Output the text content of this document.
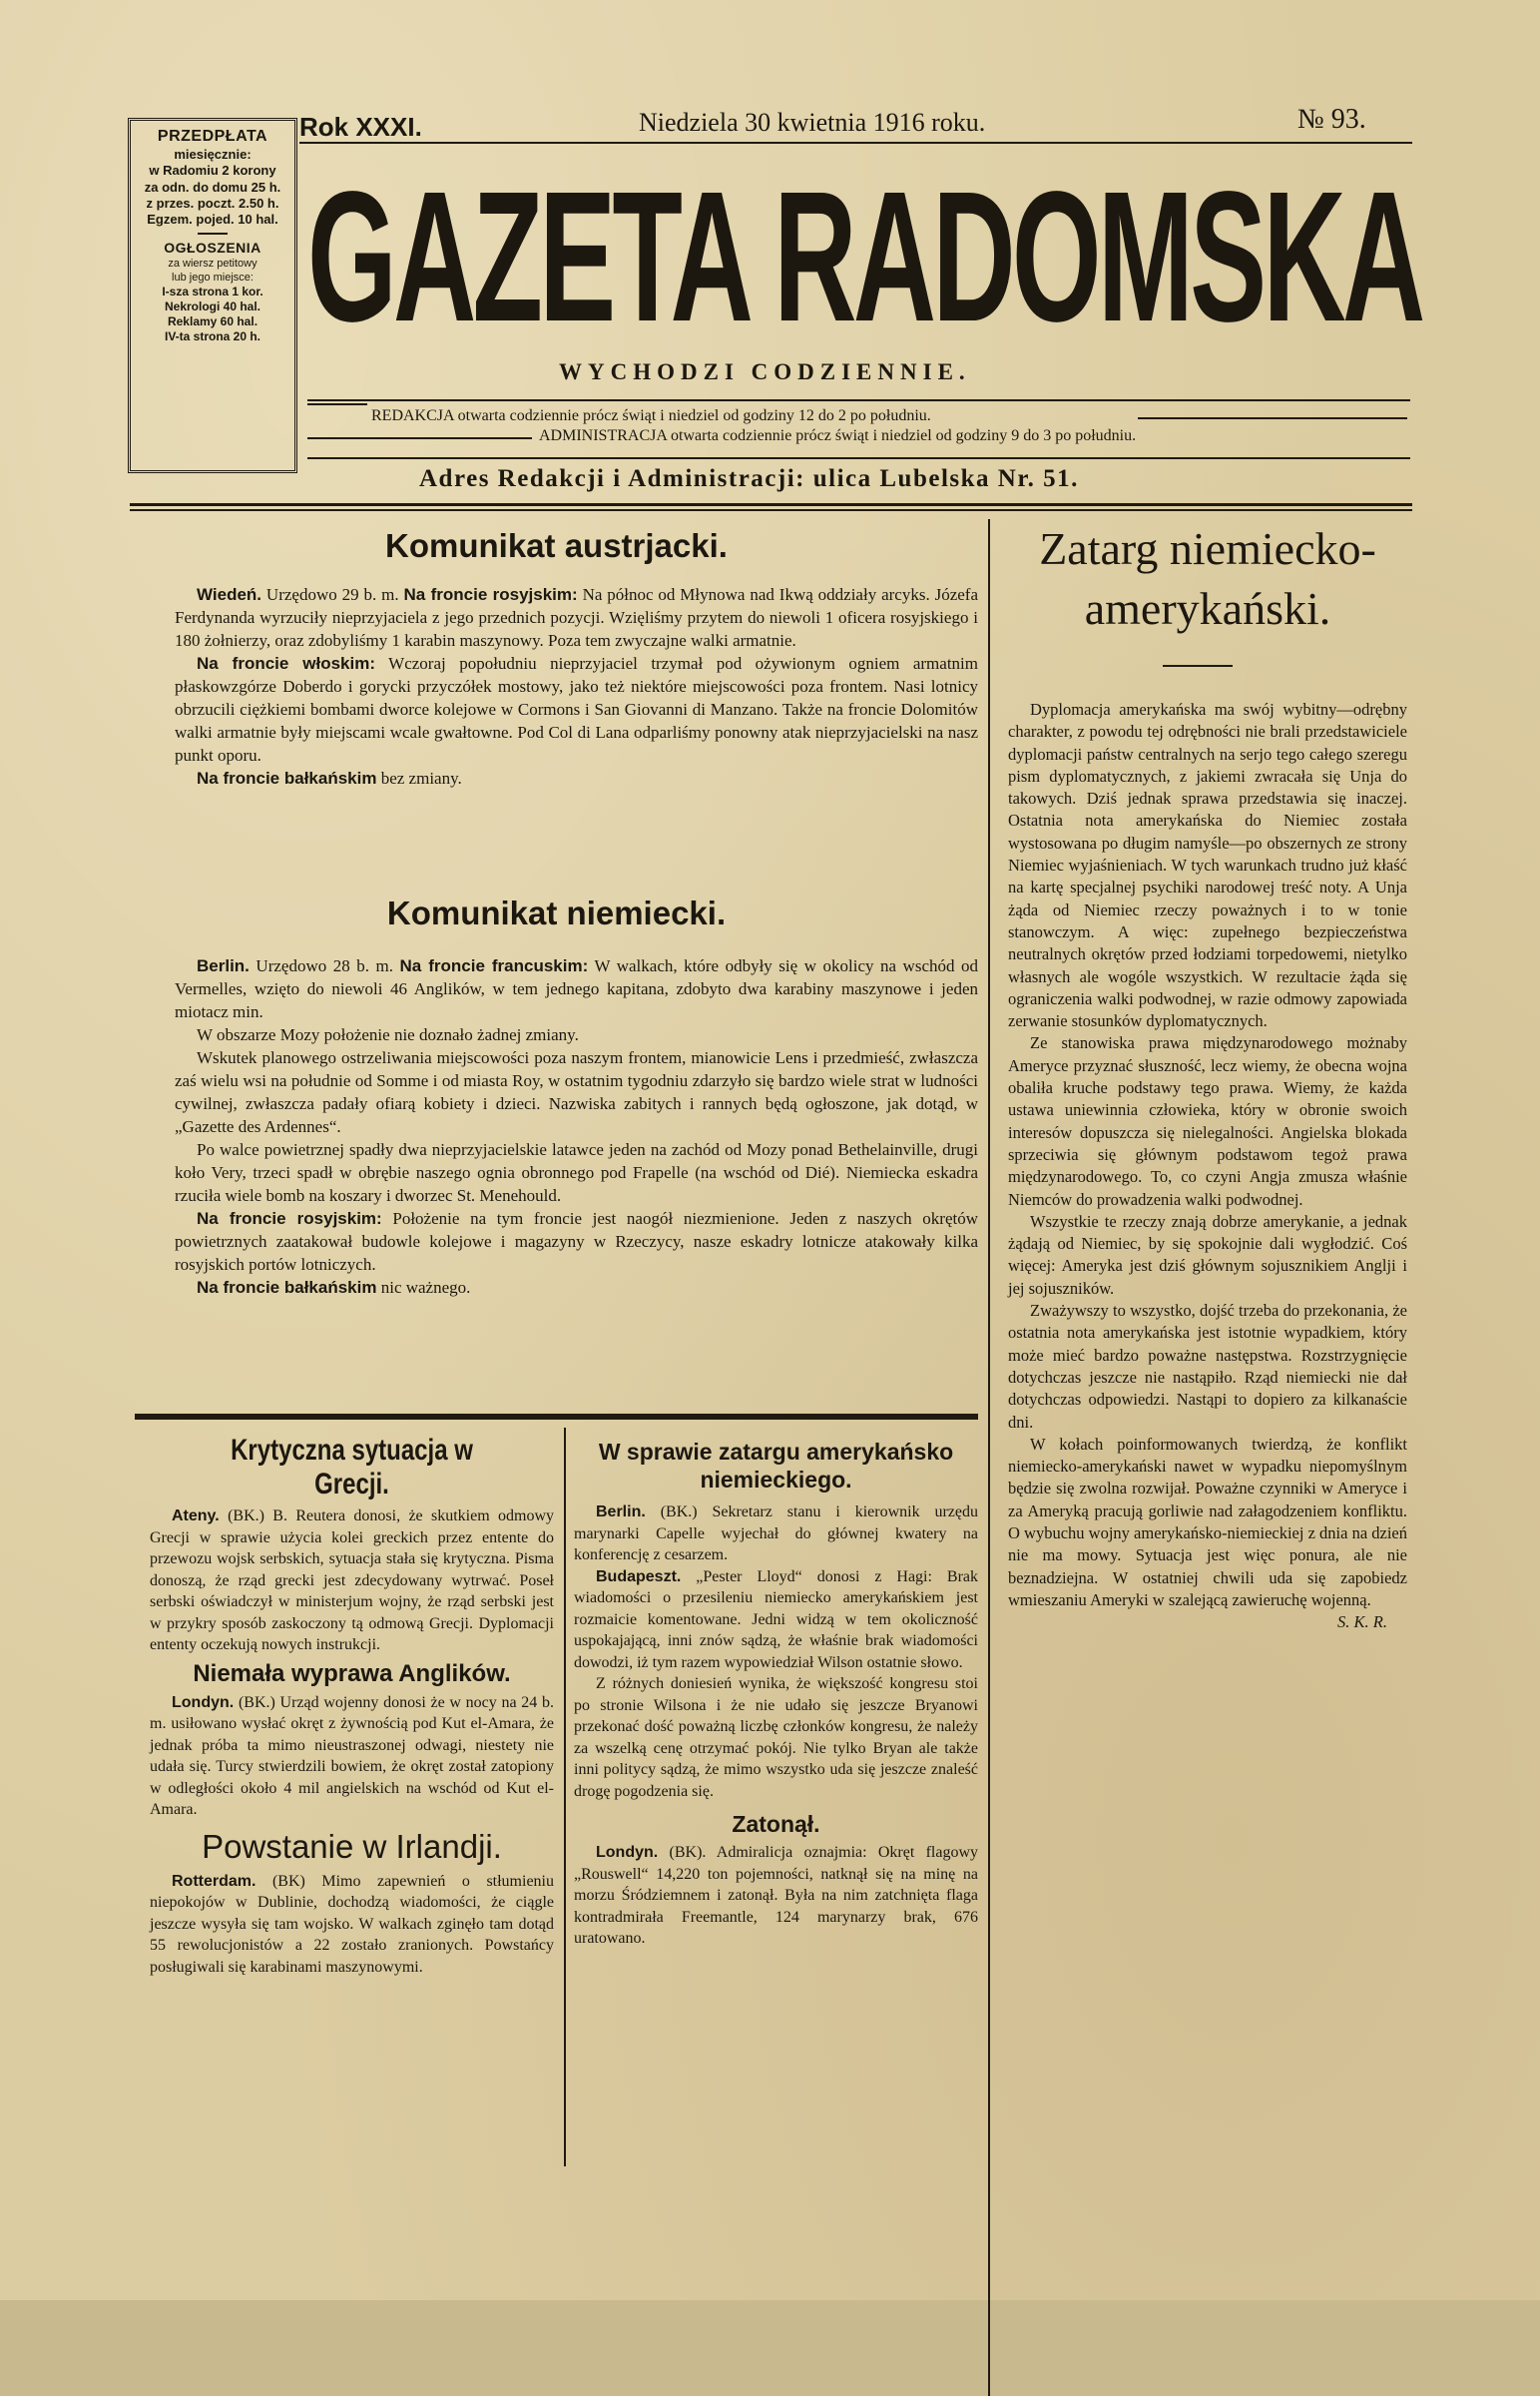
PRZEDPŁATA
miesięcznie:
w Radomiu 2 korony
za odn. do domu 25 h.
z przes. poczt. 2.50 h.
Egzem. pojed. 10 hal.
OGŁOSZENIA
za wiersz petitowy
lub jego miejsce:
I-sza strona 1 kor.
Nekrologi 40 hal.
Reklamy 60 hal.
IV-ta strona 20 h.
Rok XXXI.	Niedziela 30 kwietnia 1916 roku.	№ 93.
GAZETA RADOMSKA
WYCHODZI CODZIENNIE.
REDAKCJA otwarta codziennie prócz świąt i niedziel od godziny 12 do 2 po południu.
ADMINISTRACJA otwarta codziennie prócz świąt i niedziel od godziny 9 do 3 po południu.
Adres Redakcji i Administracji: ulica Lubelska Nr. 51.
Komunikat austrjacki.

Wiedeń. Urzędowo 29 b. m. Na froncie rosyjskim: Na północ od Młynowa nad Ikwą oddziały arcyks. Józefa Ferdynanda wyrzuciły nieprzyjaciela z jego przednich pozycji. Wzięliśmy przytem do niewoli 1 oficera rosyjskiego i 180 żołnierzy, oraz zdobyliśmy 1 karabin maszynowy. Poza tem zwyczajne walki armatnie.

Na froncie włoskim: Wczoraj popołudniu nieprzyjaciel trzymał pod ożywionym ogniem armatnim płaskowzgórze Doberdo i gorycki przyczółek mostowy, jako też niektóre miejscowości poza frontem. Nasi lotnicy obrzucili ciężkiemi bombami dworce kolejowe w Cormons i San Giovanni di Manzano. Także na froncie Dolomitów walki armatnie były miejscami wcale gwałtowne. Pod Col di Lana odparliśmy ponowny atak nieprzyjacielski na nasz punkt oporu.

Na froncie bałkańskim bez zmiany.

Komunikat niemiecki.

Berlin. Urzędowo 28 b. m. Na froncie francuskim: W walkach, które odbyły się w okolicy na wschód od Vermelles, wzięto do niewoli 46 Anglików, w tem jednego kapitana, zdobyto dwa karabiny maszynowe i jeden miotacz min.

W obszarze Mozy położenie nie doznało żadnej zmiany.

Wskutek planowego ostrzeliwania miejscowości poza naszym frontem, mianowicie Lens i przedmieść, zwłaszcza zaś wielu wsi na południe od Somme i od miasta Roy, w ostatnim tygodniu zdarzyło się bardzo wiele strat w ludności cywilnej, zwłaszcza padały ofiarą kobiety i dzieci. Nazwiska zabitych i rannych będą ogłoszone, jak dotąd, w „Gazette des Ardennes“.

Po walce powietrznej spadły dwa nieprzyjacielskie latawce jeden na zachód od Mozy ponad Bethelainville, drugi koło Very, trzeci spadł w obrębie naszego ognia obronnego pod Frapelle (na wschód od Dié). Niemiecka eskadra rzuciła wiele bomb na koszary i dworzec St. Menehould.

Na froncie rosyjskim: Położenie na tym froncie jest naogół niezmienione. Jeden z naszych okrętów powietrznych zaatakował budowle kolejowe i magazyny w Rzeczycy, nasze eskadry lotnicze atakowały kilka rosyjskich portów lotniczych.

Na froncie bałkańskim nic ważnego.

Zatarg niemiecko-
amerykański.

Dyplomacja amerykańska ma swój wybitny—odrębny charakter, z powodu tej odrębności nie brali przedstawiciele dyplomacji państw centralnych na serjo tego całego szeregu pism dyplomatycznych, z jakiemi zwracała się Unja do takowych. Dziś jednak sprawa przedstawia się inaczej. Ostatnia nota amerykańska do Niemiec została wystosowana po długim namyśle—po obszernych ze strony Niemiec wyjaśnieniach. W tych warunkach trudno już kłaść na kartę specjalnej psychiki narodowej treść noty. A Unja żąda od Niemiec rzeczy poważnych i to w tonie stanowczym. A więc: zupełnego bezpieczeństwa neutralnych okrętów przed łodziami torpedowemi, nietylko własnych ale wogóle wszystkich. W rezultacie żąda się ograniczenia walki podwodnej, w razie odmowy zapowiada zerwanie stosunków dyplomatycznych.

Ze stanowiska prawa międzynarodowego możnaby Ameryce przyznać słuszność, lecz wiemy, że obecna wojna obaliła kruche podstawy tego prawa. Wiemy, że każda ustawa uniewinnia człowieka, który w obronie swoich interesów dopuszcza się nielegalności. Angielska blokada sprzeciwia się głównym podstawom tegoż prawa międzynarodowego. To, co czyni Angja zmusza właśnie Niemców do prowadzenia walki podwodnej.

Wszystkie te rzeczy znają dobrze amerykanie, a jednak żądają od Niemiec, by się spokojnie dali wygłodzić. Coś więcej: Ameryka jest dziś głównym sojusznikiem Anglji i jej sojuszników.

Zważywszy to wszystko, dojść trzeba do przekonania, że ostatnia nota amerykańska jest istotnie wypadkiem, który może mieć bardzo poważne następstwa. Rozstrzygnięcie dotychczas jeszcze nie nastąpiło. Rząd niemiecki nie dał dotychczas odpowiedzi. Nastąpi to dopiero za kilkanaście dni.

W kołach poinformowanych twierdzą, że konflikt niemiecko-amerykański nawet w wypadku niepomyślnym będzie się zwolna rozwijał. Poważne czynniki w Ameryce i za Ameryką pracują gorliwie nad załagodzeniem konfliktu. O wybuchu wojny amerykańsko-niemieckiej z dnia na dzień nie ma mowy. Sytuacja jest więc ponura, ale nie beznadziejna. W ostatniej chwili uda się zapobiedz wmieszaniu Ameryki w szalejącą zawieruchę wojenną.

S. K. R.
Krytyczna sytuacja w Grecji.

Ateny. (BK.) B. Reutera donosi, że skutkiem odmowy Grecji w sprawie użycia kolei greckich przez entente do przewozu wojsk serbskich, sytuacja stała się krytyczna. Pisma donoszą, że rząd grecki jest zdecydowany wytrwać. Poseł serbski oświadczył w ministerjum wojny, że rząd serbski jest w przykry sposób zaskoczony tą odmową Grecji. Dyplomacji ententy oczekują nowych instrukcji.

Niemała wyprawa Anglików.

Londyn. (BK.) Urząd wojenny donosi że w nocy na 24 b. m. usiłowano wysłać okręt z żywnością pod Kut el-Amara, że jednak próba ta mimo nieustraszonej odwagi, niestety nie udała się. Turcy stwierdzili bowiem, że okręt został zatopiony w odległości około 4 mil angielskich na wschód od Kut el-Amara.

Powstanie w Irlandji.

Rotterdam. (BK) Mimo zapewnień o stłumieniu niepokojów w Dublinie, dochodzą wiadomości, że ciągle jeszcze wysyła się tam wojsko. W walkach zginęło tam dotąd 55 rewolucjonistów a 22 zostało zranionych. Powstańcy posługiwali się karabinami maszynowymi.

W sprawie zatargu amerykańsko
niemieckiego.

Berlin. (BK.) Sekretarz stanu i kierownik urzędu marynarki Capelle wyjechał do głównej kwatery na konferencję z cesarzem.

Budapeszt. „Pester Lloyd“ donosi z Hagi: Brak wiadomości o przesileniu niemiecko amerykańskiem jest rozmaicie komentowane. Jedni widzą w tem okoliczność uspokajającą, inni znów sądzą, że właśnie brak wiadomości dowodzi, iż tym razem wypowiedział Wilson ostatnie słowo.

Z różnych doniesień wynika, że większość kongresu stoi po stronie Wilsona i że nie udało się jeszcze Bryanowi przekonać dość poważną liczbę członków kongresu, że należy za wszelką cenę otrzymać pokój. Nie tylko Bryan ale także inni politycy sądzą, że mimo wszystko uda się jeszcze znaleść drogę pogodzenia się.

Zatonął.

Londyn. (BK). Admiralicja oznajmia: Okręt flagowy „Rouswell“ 14,220 ton pojemności, natknął się na minę na morzu Śródziemnem i zatonął. Była na nim zatchnięta flaga kontradmirała Freemantle, 124 marynarzy brak, 676 uratowano.
